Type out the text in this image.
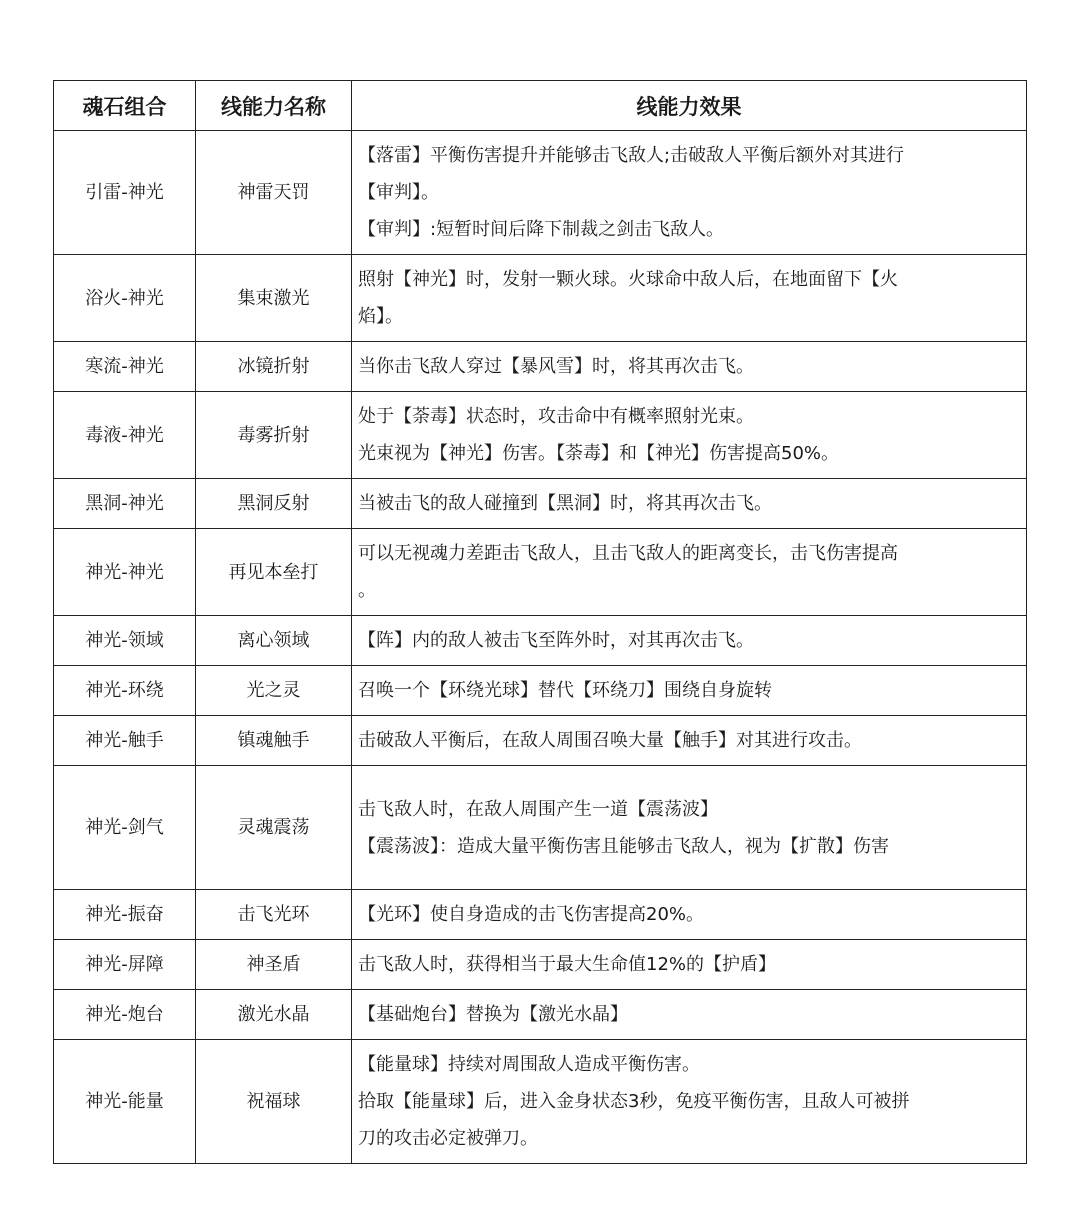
魂石组合	线能力名称	线能力效果
引雷-神光	神雷天罚	【落雷】平衡伤害提升并能够击飞敌人;击破敌人平衡后额外对其进行
【审判】。
【审判】:短暂时间后降下制裁之剑击飞敌人。

浴火-神光	集束激光	照射【神光】时，发射一颗火球。火球命中敌人后，在地面留下【火
焰】。

寒流-神光	冰镜折射	当你击飞敌人穿过【暴风雪】时，将其再次击飞。

毒液-神光	毒雾折射	处于【荼毒】状态时，攻击命中有概率照射光束。
光束视为【神光】伤害。【荼毒】和【神光】伤害提高50%。

黑洞-神光	黑洞反射	当被击飞的敌人碰撞到【黑洞】时，将其再次击飞。

神光-神光	再见本垒打	可以无视魂力差距击飞敌人，且击飞敌人的距离变长，击飞伤害提高
。

神光-领域	离心领域	【阵】内的敌人被击飞至阵外时，对其再次击飞。

神光-环绕	光之灵	召唤一个【环绕光球】替代【环绕刀】围绕自身旋转

神光-触手	镇魂触手	击破敌人平衡后，在敌人周围召唤大量【触手】对其进行攻击。

神光-剑气	灵魂震荡	击飞敌人时，在敌人周围产生一道【震荡波】
【震荡波】：造成大量平衡伤害且能够击飞敌人，视为【扩散】伤害

神光-振奋	击飞光环	【光环】使自身造成的击飞伤害提高20%。

神光-屏障	神圣盾	击飞敌人时，获得相当于最大生命值12%的【护盾】

神光-炮台	激光水晶	【基础炮台】替换为【激光水晶】

神光-能量	祝福球	【能量球】持续对周围敌人造成平衡伤害。
拾取【能量球】后，进入金身状态3秒，免疫平衡伤害，且敌人可被拼
刀的攻击必定被弹刀。
